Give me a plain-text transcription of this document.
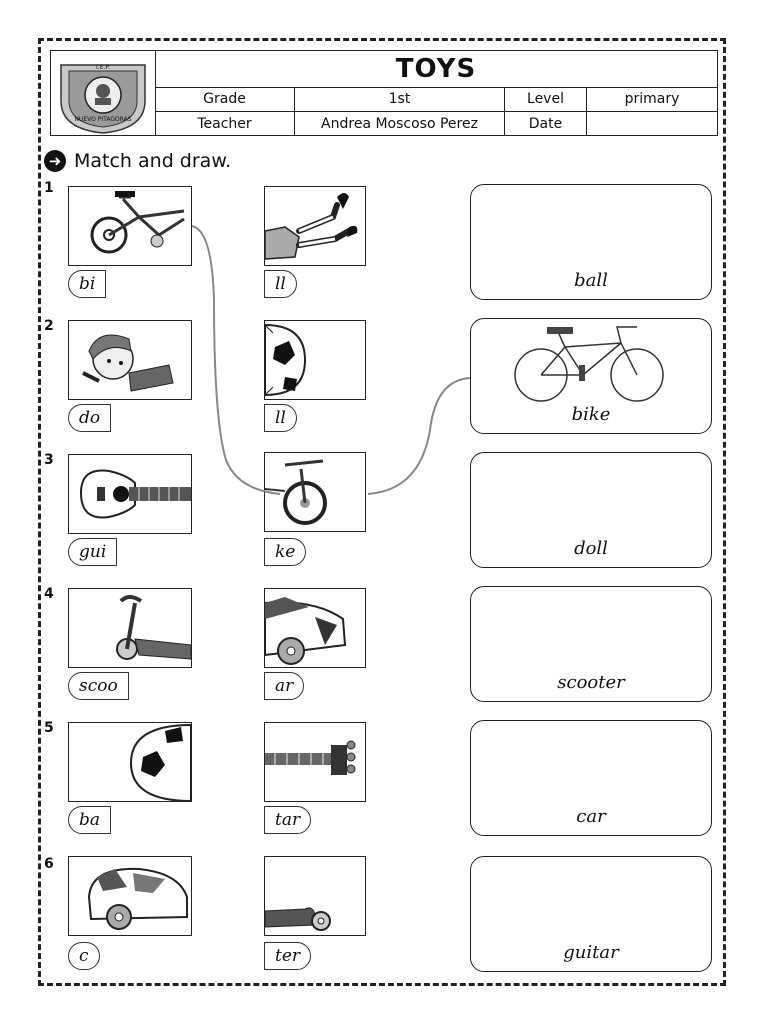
I.E.P.
NUEVO PITAGORAS
TOYS
Grade	1st	Level	primary
Teacher	Andrea Moscoso Perez	Date
➜ Match and draw.
1
bi	ll	ball
2
do	ll	bike
3
gui	ke	doll
4
scoo	ar	scooter
5
ba	tar	car
6
c	ter	guitar
